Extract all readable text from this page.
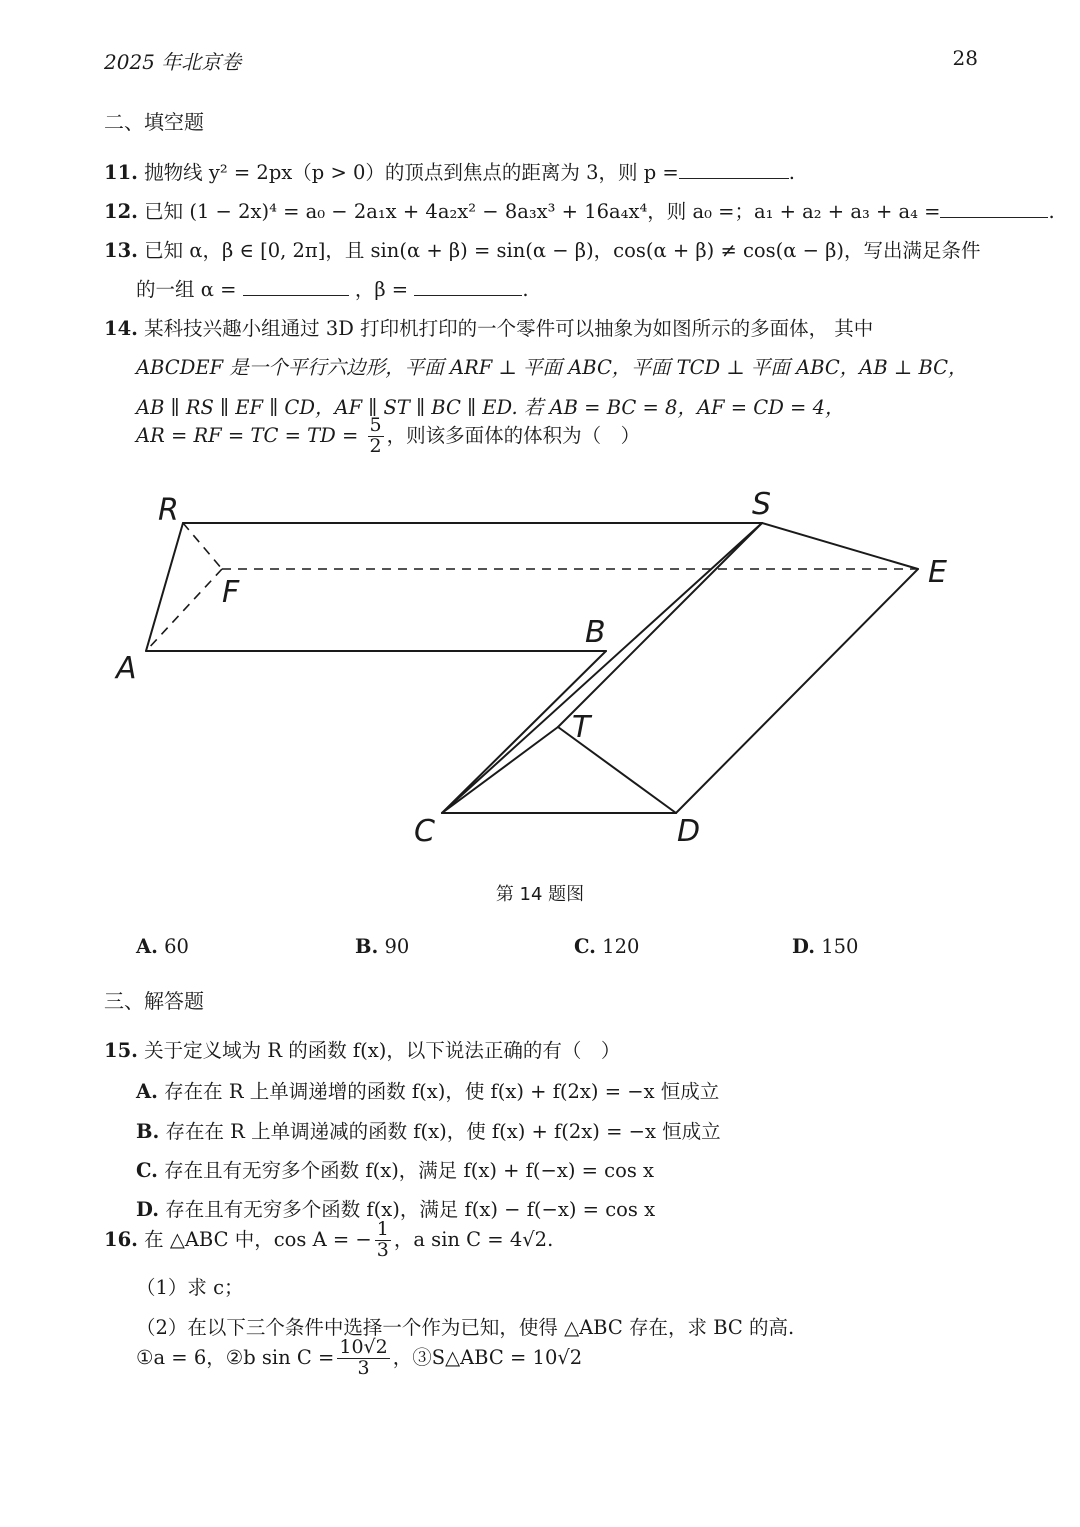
2025 年北京卷	28
二、填空题
11. 抛物线 y² = 2px（p > 0）的顶点到焦点的距离为 3，则 p =	.
12. 已知 (1 − 2x)⁴ = a₀ − 2a₁x + 4a₂x² − 8a₃x³ + 16a₄x⁴，则 a₀ =；a₁ + a₂ + a₃ + a₄ =	.
13. 已知 α，β ∈ [0, 2π]，且 sin(α + β) = sin(α − β)，cos(α + β) ≠ cos(α − β)，写出满足条件
的一组 α =	，β =	.
14. 某科技兴趣小组通过 3D 打印机打印的一个零件可以抽象为如图所示的多面体， 其中
ABCDEF 是一个平行六边形，平面 ARF ⊥ 平面 ABC，平面 TCD ⊥ 平面 ABC，AB ⊥ BC，
AB ∥ RS ∥ EF ∥ CD，AF ∥ ST ∥ BC ∥ ED. 若 AB = BC = 8，AF = CD = 4，
AR = RF = TC = TD = $\frac{5}{2}$ ，则该多面体的体积为（　）
R	S
E
F
B
A
T
C	D
第 14 题图
A. 60	B. 90	C. 120	D. 150
三、解答题
15. 关于定义域为 R 的函数 f(x)，以下说法正确的有（　）
A. 存在在 R 上单调递增的函数 f(x)，使 f(x) + f(2x) = −x 恒成立
B. 存在在 R 上单调递减的函数 f(x)，使 f(x) + f(2x) = −x 恒成立
C. 存在且有无穷多个函数 f(x)，满足 f(x) + f(−x) = cos x
D. 存在且有无穷多个函数 f(x)，满足 f(x) − f(−x) = cos x
16. 在 △ABC 中，cos A = − $\frac{1}{3}$ ，a sin C = 4√2.
（1）求 c；
（2）在以下三个条件中选择一个作为已知，使得 △ABC 存在，求 BC 的高.
①a = 6，②b $\sin C = \frac{10√2}{3}$ ，③S△ABC = 10√2
